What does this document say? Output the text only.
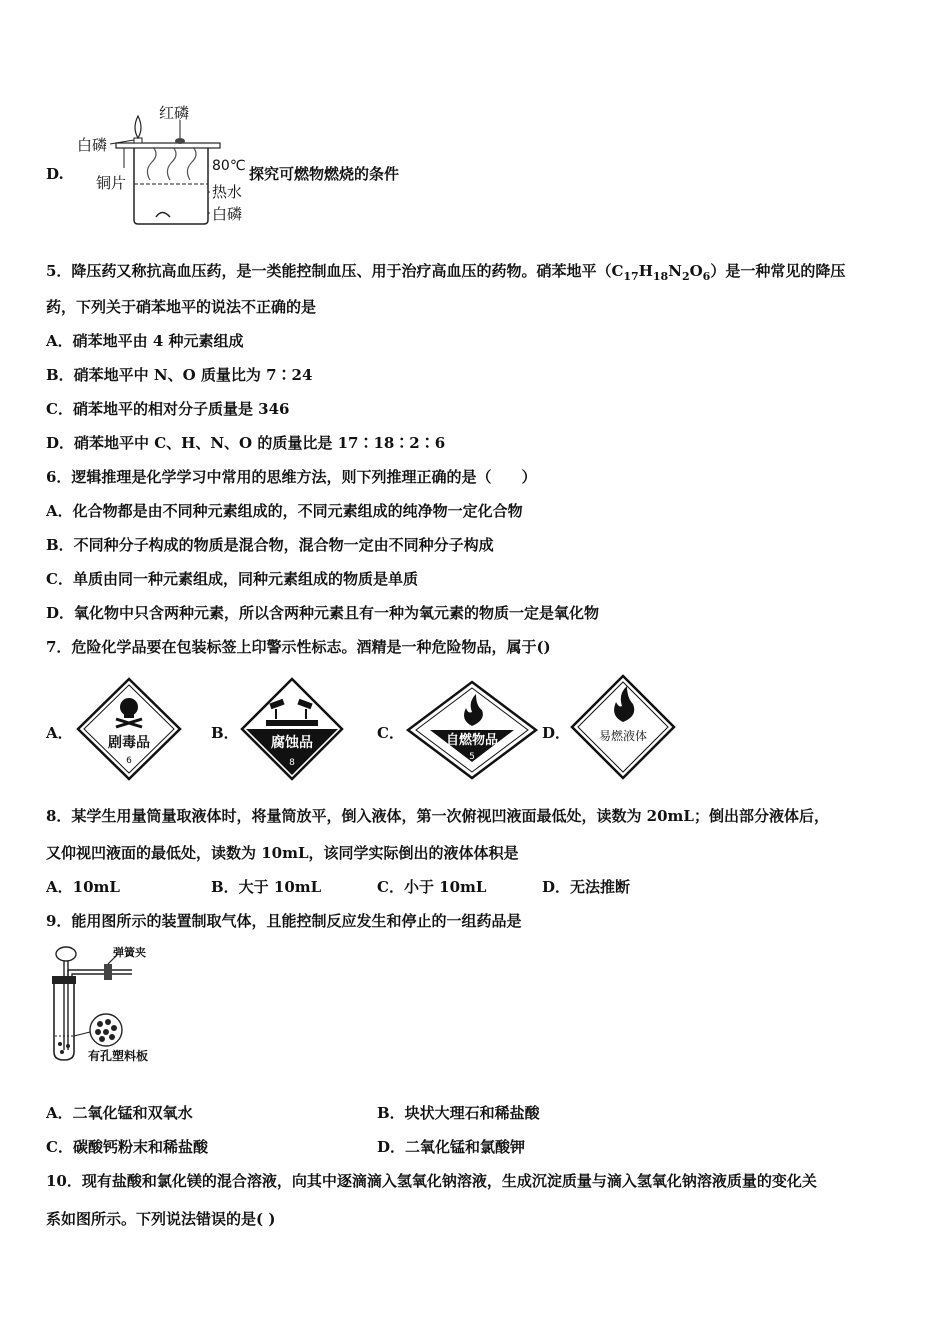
D.
红磷
白磷
铜片
80℃
热水
白磷
探究可燃物燃烧的条件
5．降压药又称抗高血压药，是一类能控制血压、用于治疗高血压的药物。硝苯地平$(C_{17}H_{18}N_2O_6)$是一种常见的降压
药，下列关于硝苯地平的说法不正确的是
A．硝苯地平由 4 种元素组成
B．硝苯地平中 N、O 质量比为 7∶24
C．硝苯地平的相对分子质量是 346
D．硝苯地平中 C、H、N、O 的质量比是 17∶18∶2∶6
6．逻辑推理是化学学习中常用的思维方法，则下列推理正确的是（　　）
A．化合物都是由不同种元素组成的，不同元素组成的纯净物一定化合物
B．不同种分子构成的物质是混合物，混合物一定由不同种分子构成
C．单质由同一种元素组成，同种元素组成的物质是单质
D．氧化物中只含两种元素，所以含两种元素且有一种为氧元素的物质一定是氧化物
7．危险化学品要在包装标签上印警示性标志。酒精是一种危险物品，属于()
A．
剧毒品
6
B．
腐蚀品
8
C．	自燃物品
5
D． 易燃液体
8．某学生用量筒量取液体时，将量筒放平，倒入液体，第一次俯视凹液面最低处，读数为 20mL；倒出部分液体后，
又仰视凹液面的最低处，读数为 10mL，该同学实际倒出的液体体积是
A．10mL	B．大于 10mL	C．小于 10mL	D．无法推断
9．能用图所示的装置制取气体，且能控制反应发生和停止的一组药品是
弹簧夹
有孔塑料板
A．二氧化锰和双氧水	B．块状大理石和稀盐酸
C．碳酸钙粉末和稀盐酸	D．二氧化锰和氯酸钾
10．现有盐酸和氯化镁的混合溶液，向其中逐滴滴入氢氧化钠溶液，生成沉淀质量与滴入氢氧化钠溶液质量的变化关
系如图所示。下列说法错误的是( )
